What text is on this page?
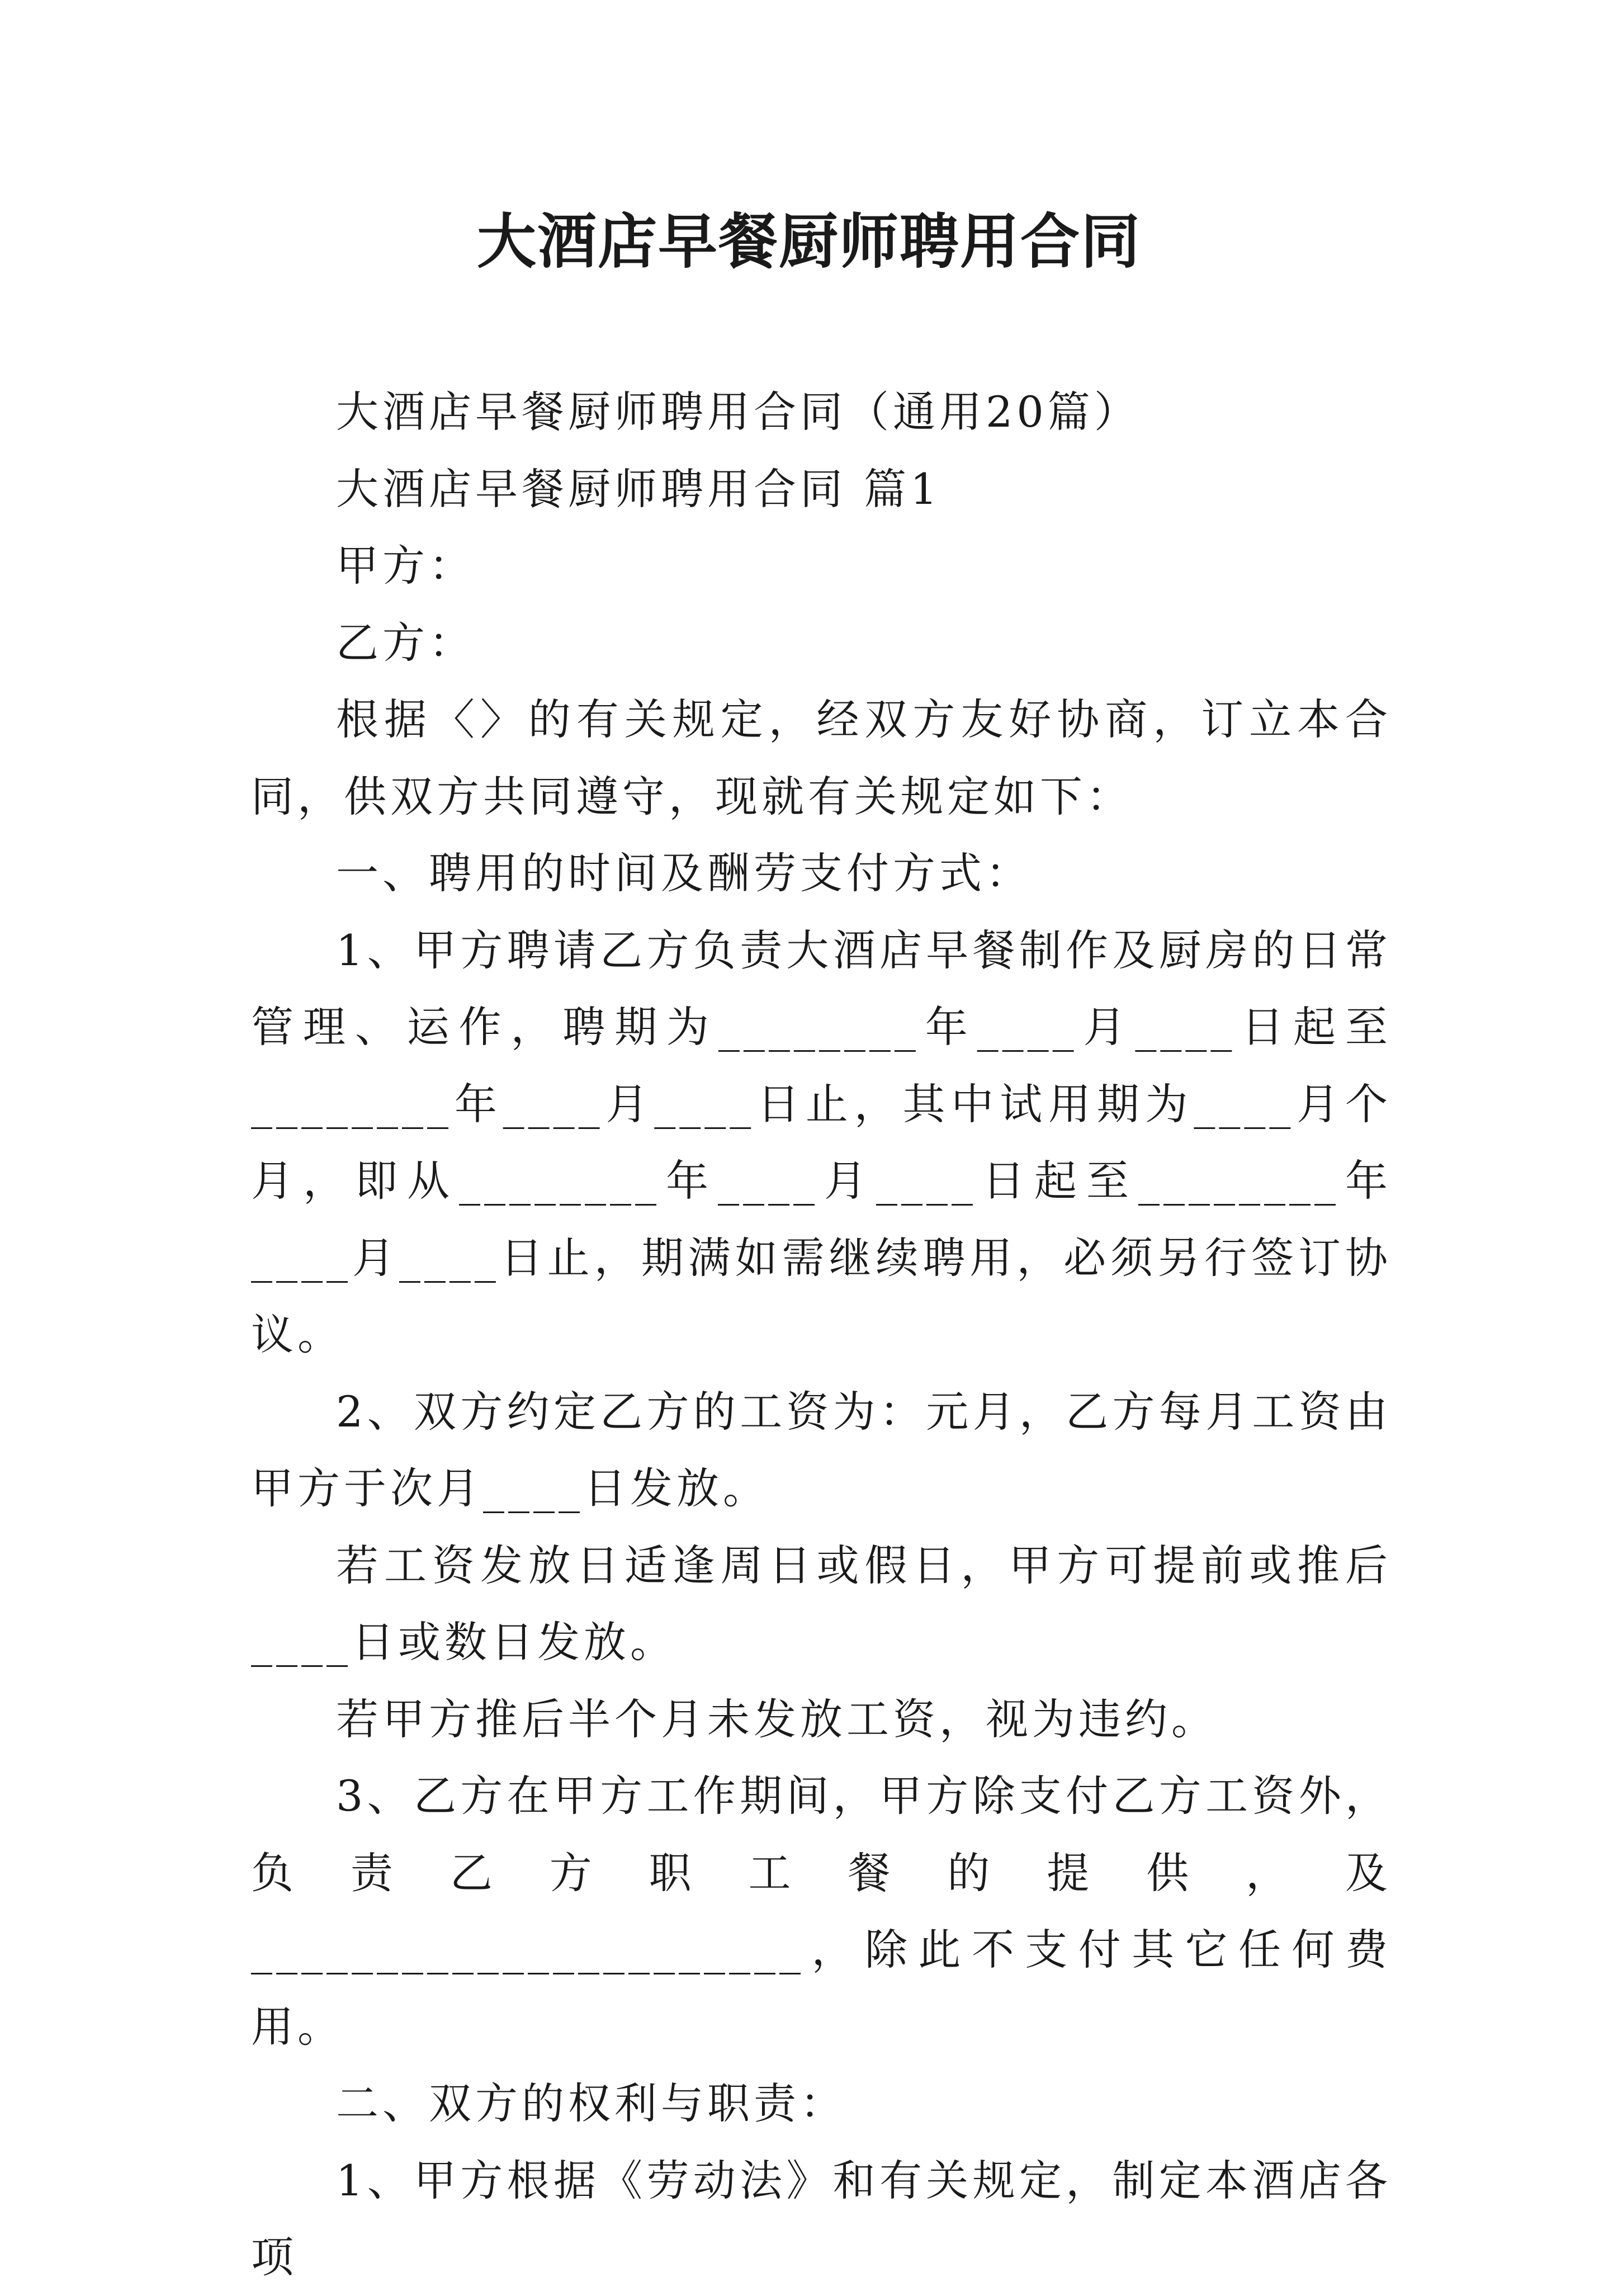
大酒店早餐厨师聘用合同

大酒店早餐厨师聘用合同（通用20篇）

大酒店早餐厨师聘用合同 篇1

甲方：

乙方：

根据〈〉的有关规定，经双方友好协商，订立本合同，供双方共同遵守，现就有关规定如下：

一、聘用的时间及酬劳支付方式：

1、甲方聘请乙方负责大酒店早餐制作及厨房的日常管理、运作，聘期为________年____月____日起至________年____月____日止，其中试用期为____月个月，即从________年____月____日起至________年____月____日止，期满如需继续聘用，必须另行签订协议。

2、双方约定乙方的工资为：元月，乙方每月工资由甲方于次月____日发放。

若工资发放日适逢周日或假日，甲方可提前或推后____日或数日发放。

若甲方推后半个月未发放工资，视为违约。

3、乙方在甲方工作期间，甲方除支付乙方工资外，负责乙方职工餐的提供，及______________________，除此不支付其它任何费用。

二、双方的权利与职责：

1、甲方根据《劳动法》和有关规定，制定本酒店各项
